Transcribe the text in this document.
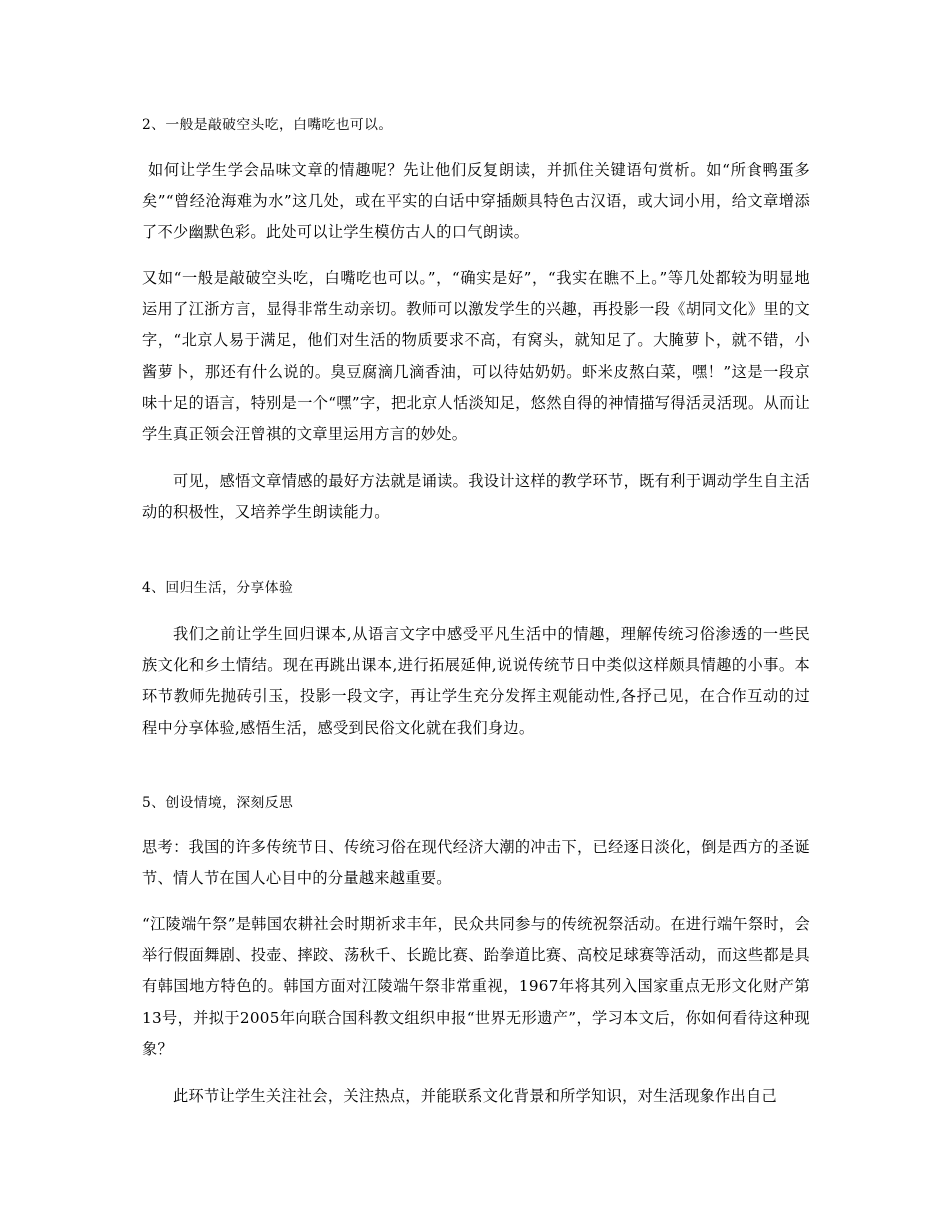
2、一般是敲破空头吃，白嘴吃也可以。

如何让学生学会品味文章的情趣呢？先让他们反复朗读，并抓住关键语句赏析。如“所食鸭蛋多矣”“曾经沧海难为水”这几处，或在平实的白话中穿插颇具特色古汉语，或大词小用，给文章增添了不少幽默色彩。此处可以让学生模仿古人的口气朗读。

又如“一般是敲破空头吃，白嘴吃也可以。”，“确实是好”，“我实在瞧不上。”等几处都较为明显地运用了江浙方言，显得非常生动亲切。教师可以激发学生的兴趣，再投影一段《胡同文化》里的文字，“北京人易于满足，他们对生活的物质要求不高，有窝头，就知足了。大腌萝卜，就不错，小酱萝卜，那还有什么说的。臭豆腐滴几滴香油，可以待姑奶奶。虾米皮熬白菜，嘿！”这是一段京味十足的语言，特别是一个“嘿”字，把北京人恬淡知足，悠然自得的神情描写得活灵活现。从而让学生真正领会汪曾祺的文章里运用方言的妙处。

可见，感悟文章情感的最好方法就是诵读。我设计这样的教学环节，既有利于调动学生自主活动的积极性，又培养学生朗读能力。

4、回归生活，分享体验

我们之前让学生回归课本,从语言文字中感受平凡生活中的情趣，理解传统习俗渗透的一些民族文化和乡土情结。现在再跳出课本,进行拓展延伸,说说传统节日中类似这样颇具情趣的小事。本环节教师先抛砖引玉，投影一段文字，再让学生充分发挥主观能动性,各抒己见，在合作互动的过程中分享体验,感悟生活，感受到民俗文化就在我们身边。

5、创设情境，深刻反思

思考：我国的许多传统节日、传统习俗在现代经济大潮的冲击下，已经逐日淡化，倒是西方的圣诞节、情人节在国人心目中的分量越来越重要。

“江陵端午祭”是韩国农耕社会时期祈求丰年，民众共同参与的传统祝祭活动。在进行端午祭时，会举行假面舞剧、投壶、摔跤、荡秋千、长跪比赛、跆拳道比赛、高校足球赛等活动，而这些都是具有韩国地方特色的。韩国方面对江陵端午祭非常重视，1967年将其列入国家重点无形文化财产第13号，并拟于2005年向联合国科教文组织申报“世界无形遗产”，学习本文后，你如何看待这种现象？

此环节让学生关注社会，关注热点，并能联系文化背景和所学知识，对生活现象作出自己
